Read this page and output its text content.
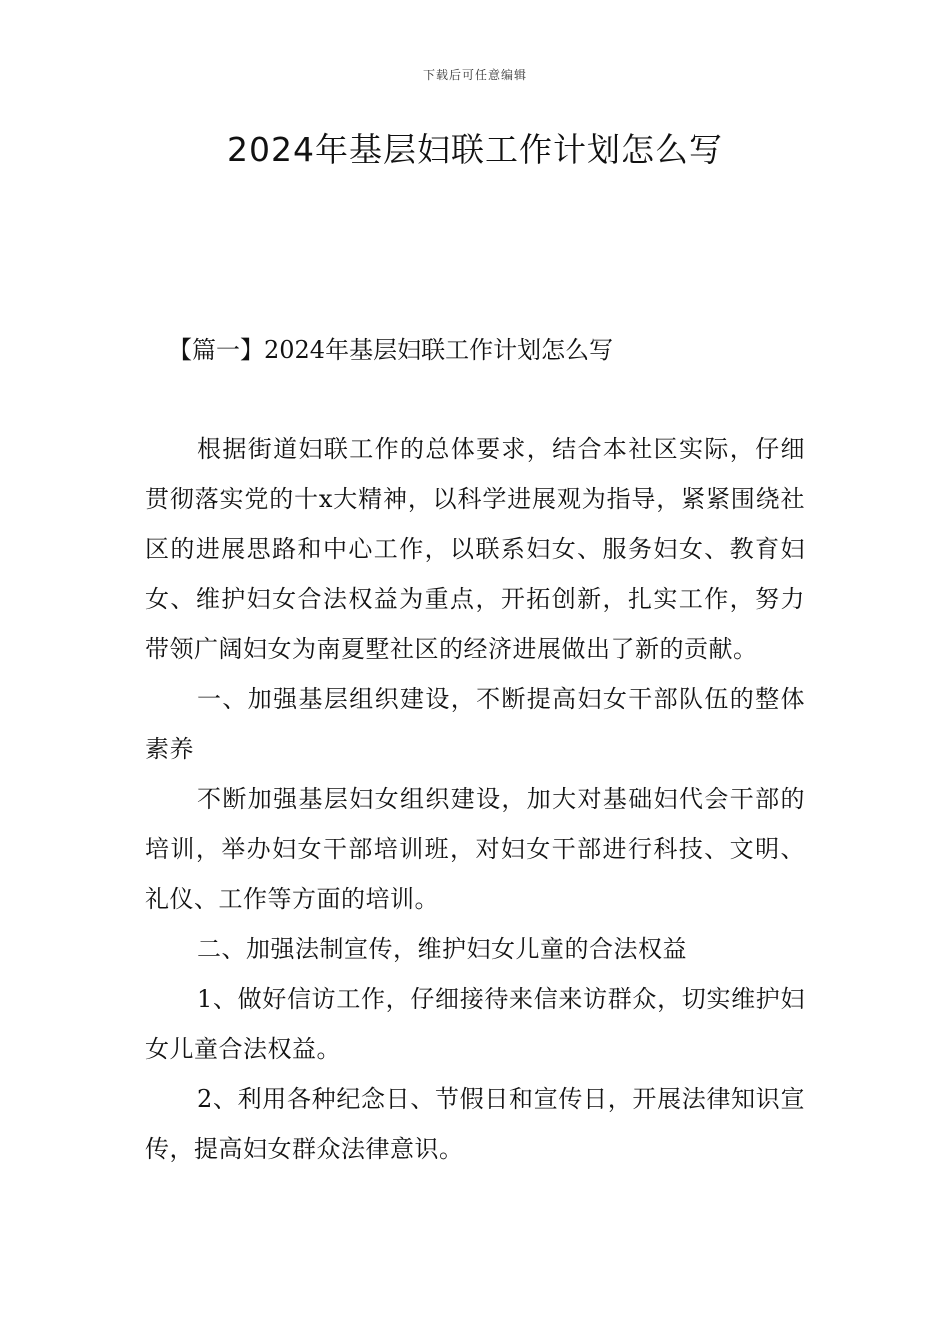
下载后可任意编辑
2024年基层妇联工作计划怎么写
【篇一】2024年基层妇联工作计划怎么写

根据街道妇联工作的总体要求，结合本社区实际，仔细贯彻落实党的十x大精神，以科学进展观为指导，紧紧围绕社区的进展思路和中心工作，以联系妇女、服务妇女、教育妇女、维护妇女合法权益为重点，开拓创新，扎实工作，努力带领广阔妇女为南夏墅社区的经济进展做出了新的贡献。

一、加强基层组织建设，不断提高妇女干部队伍的整体素养

不断加强基层妇女组织建设，加大对基础妇代会干部的培训，举办妇女干部培训班，对妇女干部进行科技、文明、礼仪、工作等方面的培训。

二、加强法制宣传，维护妇女儿童的合法权益

1、做好信访工作，仔细接待来信来访群众，切实维护妇女儿童合法权益。

2、利用各种纪念日、节假日和宣传日，开展法律知识宣传，提高妇女群众法律意识。
